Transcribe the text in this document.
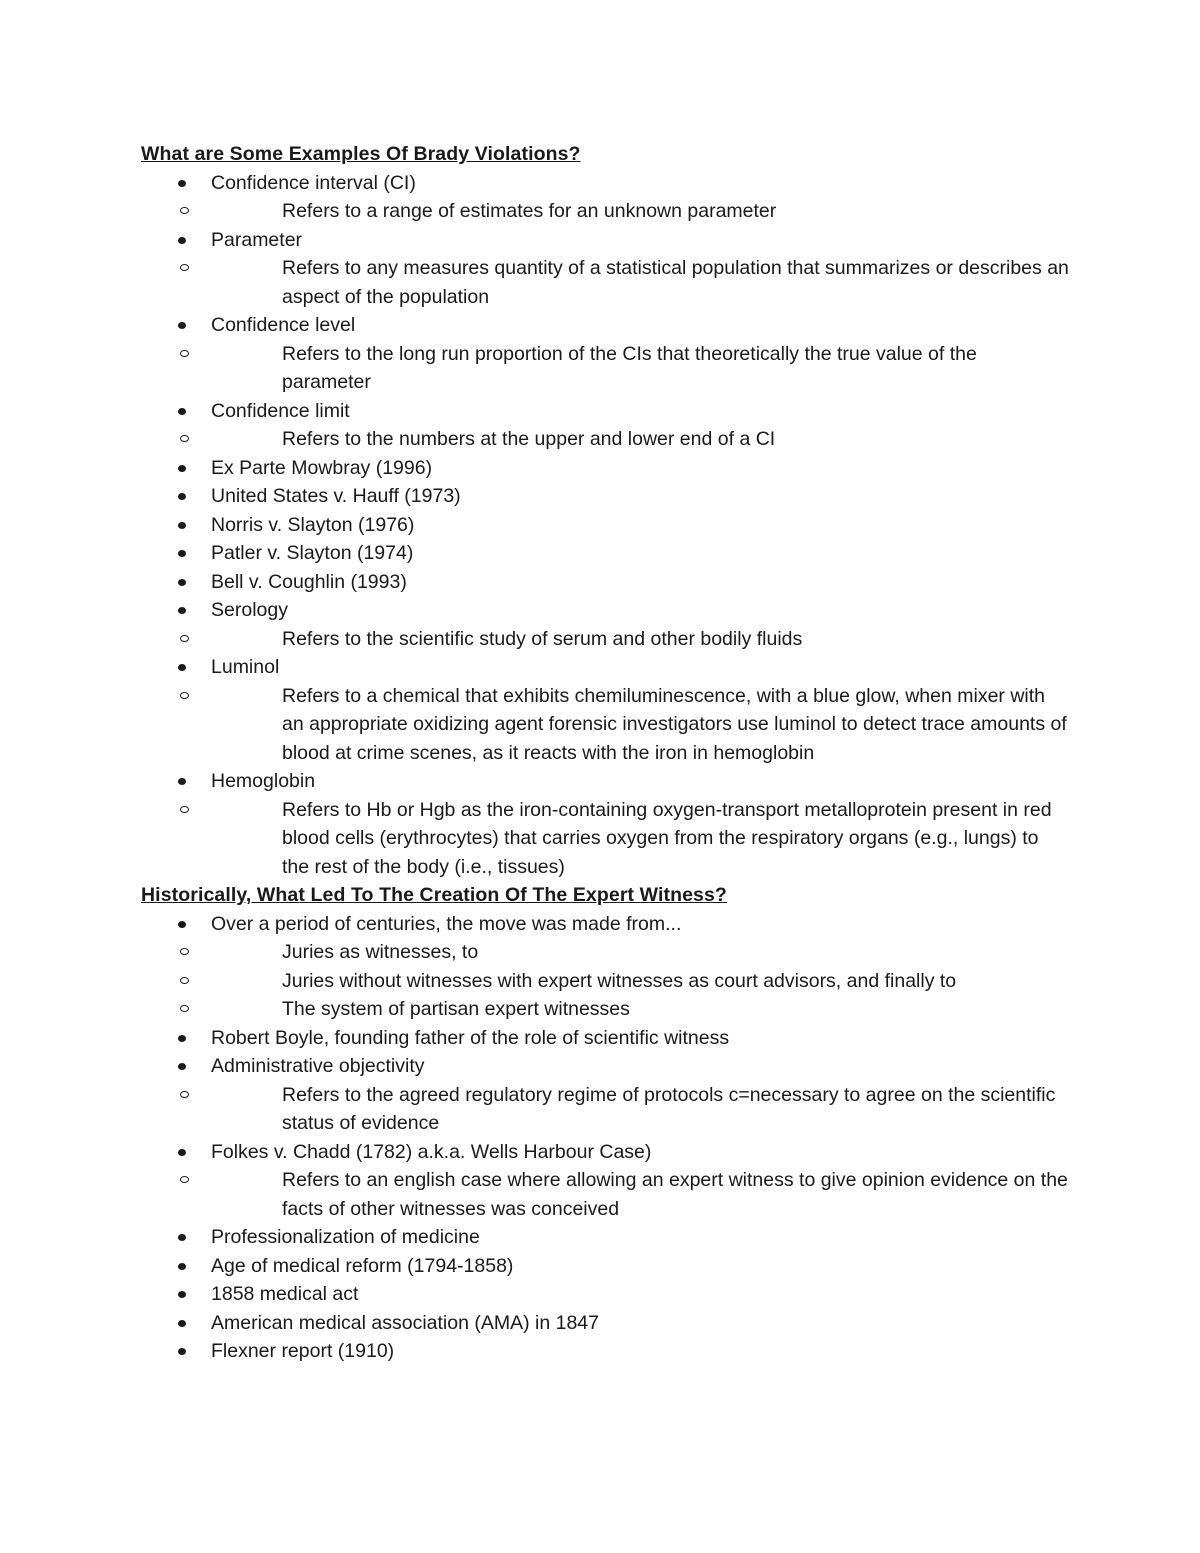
What are Some Examples Of Brady Violations?
Confidence interval (CI)
Refers to a range of estimates for an unknown parameter
Parameter
Refers to any measures quantity of a statistical population that summarizes or describes an aspect of the population
Confidence level
Refers to the long run proportion of the CIs that theoretically the true value of the parameter
Confidence limit
Refers to the numbers at the upper and lower end of a CI
Ex Parte Mowbray (1996)
United States v. Hauff (1973)
Norris v. Slayton (1976)
Patler v. Slayton (1974)
Bell v. Coughlin (1993)
Serology
Refers to the scientific study of serum and other bodily fluids
Luminol
Refers to a chemical that exhibits chemiluminescence, with a blue glow, when mixer with an appropriate oxidizing agent forensic investigators use luminol to detect trace amounts of blood at crime scenes, as it reacts with the iron in hemoglobin
Hemoglobin
Refers to Hb or Hgb as the iron-containing oxygen-transport metalloprotein present in red blood cells (erythrocytes) that carries oxygen from the respiratory organs (e.g., lungs) to the rest of the body (i.e., tissues)
Historically, What Led To The Creation Of The Expert Witness?
Over a period of centuries, the move was made from...
Juries as witnesses, to
Juries without witnesses with expert witnesses as court advisors, and finally to
The system of partisan expert witnesses
Robert Boyle, founding father of the role of scientific witness
Administrative objectivity
Refers to the agreed regulatory regime of protocols c=necessary to agree on the scientific status of evidence
Folkes v. Chadd (1782) a.k.a. Wells Harbour Case)
Refers to an english case where allowing an expert witness to give opinion evidence on the facts of other witnesses was conceived
Professionalization of medicine
Age of medical reform (1794-1858)
1858 medical act
American medical association (AMA) in 1847
Flexner report (1910)
